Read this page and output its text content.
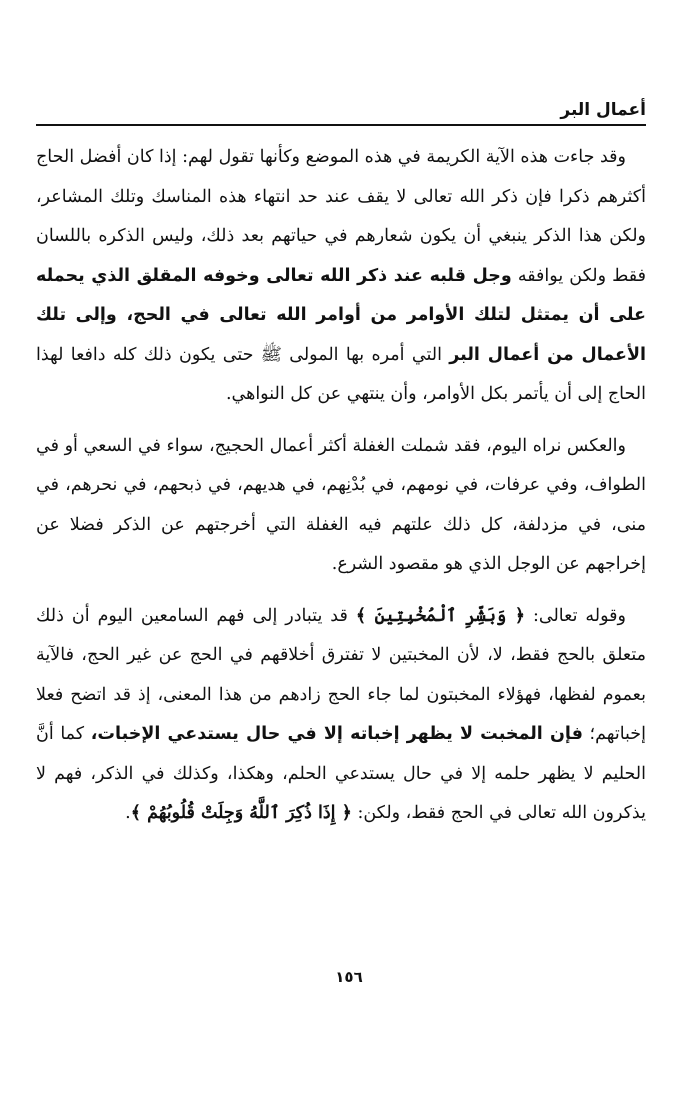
أعمال البر

وقد جاءت هذه الآية الكريمة في هذه الموضع وكأنها تقول لهم: إذا كان أفضل الحاج أكثرهم ذكرا فإن ذكر الله تعالى لا يقف عند حد انتهاء هذه المناسك وتلك المشاعر، ولكن هذا الذكر ينبغي أن يكون شعارهم في حياتهم بعد ذلك، وليس الذكره باللسان فقط ولكن يوافقه وجل قلبه عند ذكر الله تعالى وخوفه المقلق الذي يحمله على أن يمتثل لتلك الأوامر من أوامر الله تعالى في الحج، وإلى تلك الأعمال من أعمال البر التي أمره بها المولى ﷺ حتى يكون ذلك كله دافعا لهذا الحاج إلى أن يأتمر بكل الأوامر، وأن ينتهي عن كل النواهي.

والعكس نراه اليوم، فقد شملت الغفلة أكثر أعمال الحجيج، سواء في السعي أو في الطواف، وفي عرفات، في نومهم، في بُدْنِهم، في هديهم، في ذبحهم، في نحرهم، في منى، في مزدلفة، كل ذلك علتهم فيه الغفلة التي أخرجتهم عن الذكر فضلا عن إخراجهم عن الوجل الذي هو مقصود الشرع.

وقوله تعالى: ﴿ وَبَشِّرِ ٱلْمُخْبِتِينَ ﴾ قد يتبادر إلى فهم السامعين اليوم أن ذلك متعلق بالحج فقط، لا، لأن المخبتين لا تفترق أخلاقهم في الحج عن غير الحج، فالآية بعموم لفظها، فهؤلاء المخبتون لما جاء الحج زادهم من هذا المعنى، إذ قد اتضح فعلا إخباتهم؛ فإن المخبت لا يظهر إخباته إلا في حال يستدعي الإخبات، كما أنَّ الحليم لا يظهر حلمه إلا في حال يستدعي الحلم، وهكذا، وكذلك في الذكر، فهم لا يذكرون الله تعالى في الحج فقط، ولكن: ﴿ إِذَا ذُكِرَ ٱللَّهُ وَجِلَتْ قُلُوبُهُمْ ﴾.

١٥٦
